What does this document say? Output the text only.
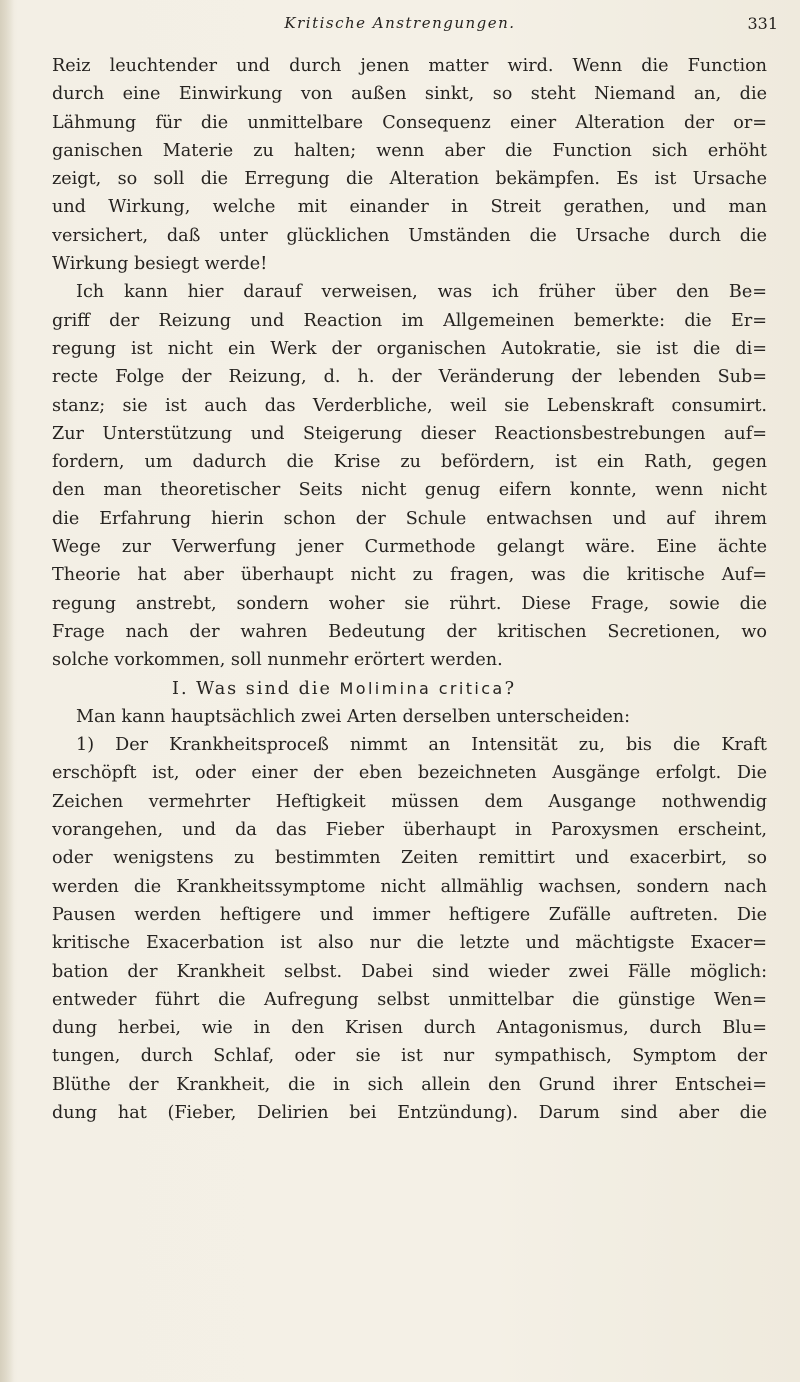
Kritische Anstrengungen.	331
Reiz leuchtender und durch jenen matter wird. Wenn die Function
durch eine Einwirkung von außen sinkt, so steht Niemand an, die
Lähmung für die unmittelbare Consequenz einer Alteration der or=
ganischen Materie zu halten; wenn aber die Function sich erhöht
zeigt, so soll die Erregung die Alteration bekämpfen. Es ist Ursache
und Wirkung, welche mit einander in Streit gerathen, und man
versichert, daß unter glücklichen Umständen die Ursache durch die
Wirkung besiegt werde!
Ich kann hier darauf verweisen, was ich früher über den Be=
griff der Reizung und Reaction im Allgemeinen bemerkte: die Er=
regung ist nicht ein Werk der organischen Autokratie, sie ist die di=
recte Folge der Reizung, d. h. der Veränderung der lebenden Sub=
stanz; sie ist auch das Verderbliche, weil sie Lebenskraft consumirt.
Zur Unterstützung und Steigerung dieser Reactionsbestrebungen auf=
fordern, um dadurch die Krise zu befördern, ist ein Rath, gegen
den man theoretischer Seits nicht genug eifern konnte, wenn nicht
die Erfahrung hierin schon der Schule entwachsen und auf ihrem
Wege zur Verwerfung jener Curmethode gelangt wäre. Eine ächte
Theorie hat aber überhaupt nicht zu fragen, was die kritische Auf=
regung anstrebt, sondern woher sie rührt. Diese Frage, sowie die
Frage nach der wahren Bedeutung der kritischen Secretionen, wo
solche vorkommen, soll nunmehr erörtert werden.
I. Was sind die Molimina critica?
Man kann hauptsächlich zwei Arten derselben unterscheiden:
1) Der Krankheitsproceß nimmt an Intensität zu, bis die Kraft
erschöpft ist, oder einer der eben bezeichneten Ausgänge erfolgt. Die
Zeichen vermehrter Heftigkeit müssen dem Ausgange nothwendig
vorangehen, und da das Fieber überhaupt in Paroxysmen erscheint,
oder wenigstens zu bestimmten Zeiten remittirt und exacerbirt, so
werden die Krankheitssymptome nicht allmählig wachsen, sondern nach
Pausen werden heftigere und immer heftigere Zufälle auftreten. Die
kritische Exacerbation ist also nur die letzte und mächtigste Exacer=
bation der Krankheit selbst. Dabei sind wieder zwei Fälle möglich:
entweder führt die Aufregung selbst unmittelbar die günstige Wen=
dung herbei, wie in den Krisen durch Antagonismus, durch Blu=
tungen, durch Schlaf, oder sie ist nur sympathisch, Symptom der
Blüthe der Krankheit, die in sich allein den Grund ihrer Entschei=
dung hat (Fieber, Delirien bei Entzündung). Darum sind aber die
